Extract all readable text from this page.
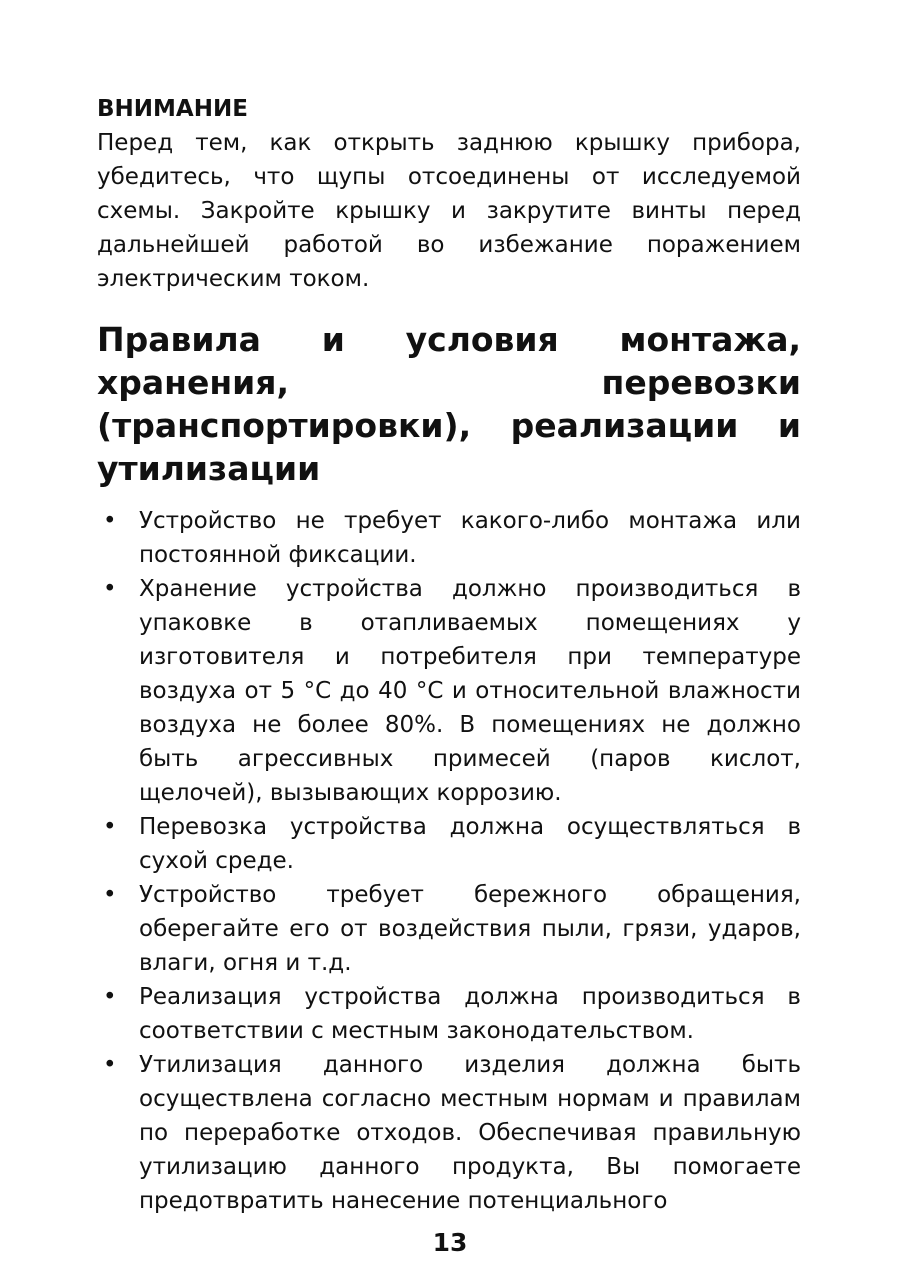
ВНИМАНИЕ

Перед тем, как открыть заднюю крышку прибора, убедитесь, что щупы отсоединены от исследуемой схемы. Закройте крышку и закрутите винты перед дальнейшей работой во избежание поражением электрическим током.

Правила и условия монтажа, хранения, перевозки (транспортировки), реализации и утилизации
• Устройство не требует какого-либо монтажа или постоянной фиксации.
• Хранение устройства должно производиться в упаковке в отапливаемых помещениях у изготовителя и потребителя при температуре воздуха от 5 °С до 40 °С и относительной влажности воздуха не более 80%. В помещениях не должно быть агрессивных примесей (паров кислот, щелочей), вызывающих коррозию.
• Перевозка устройства должна осуществляться в сухой среде.
• Устройство требует бережного обращения, оберегайте его от воздействия пыли, грязи, ударов, влаги, огня и т.д.
• Реализация устройства должна производиться в соответствии с местным законодательством.
• Утилизация данного изделия должна быть осуществлена согласно местным нормам и правилам по переработке отходов. Обеспечивая правильную утилизацию данного продукта, Вы помогаете предотвратить нанесение потенциального
13
